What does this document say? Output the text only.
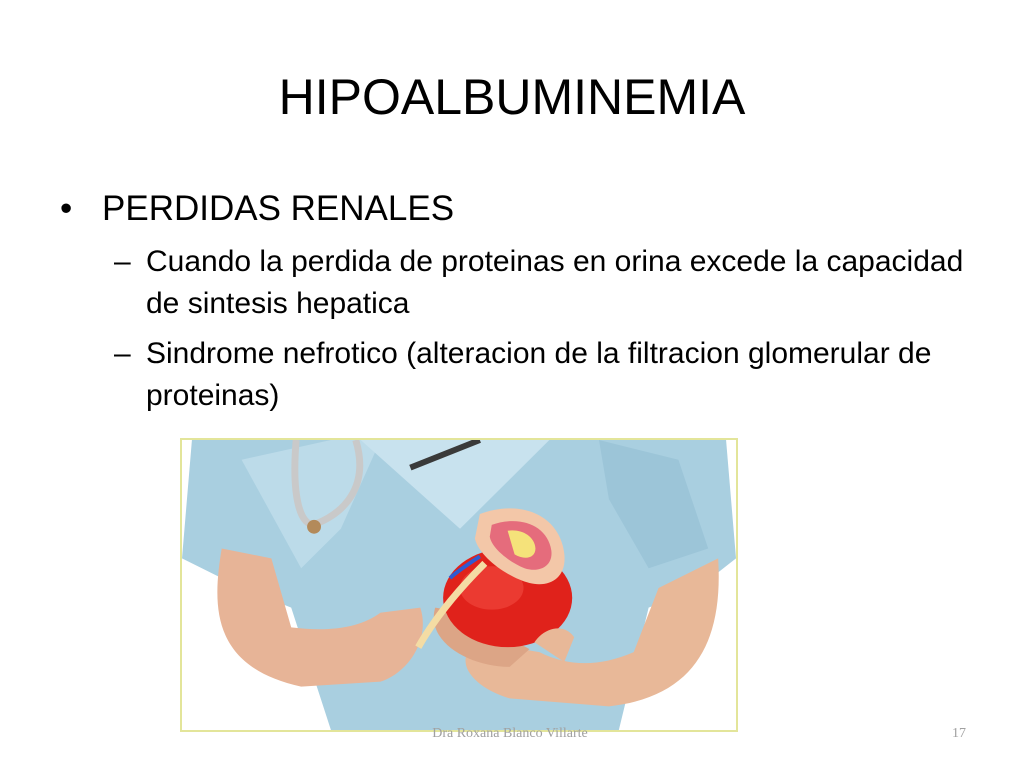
HIPOALBUMINEMIA
• PERDIDAS RENALES
– Cuando la perdida de proteinas en orina excede la capacidad de sintesis hepatica
– Sindrome nefrotico (alteracion de la filtracion glomerular de proteinas)
Dra Roxana Blanco Villarte	17
